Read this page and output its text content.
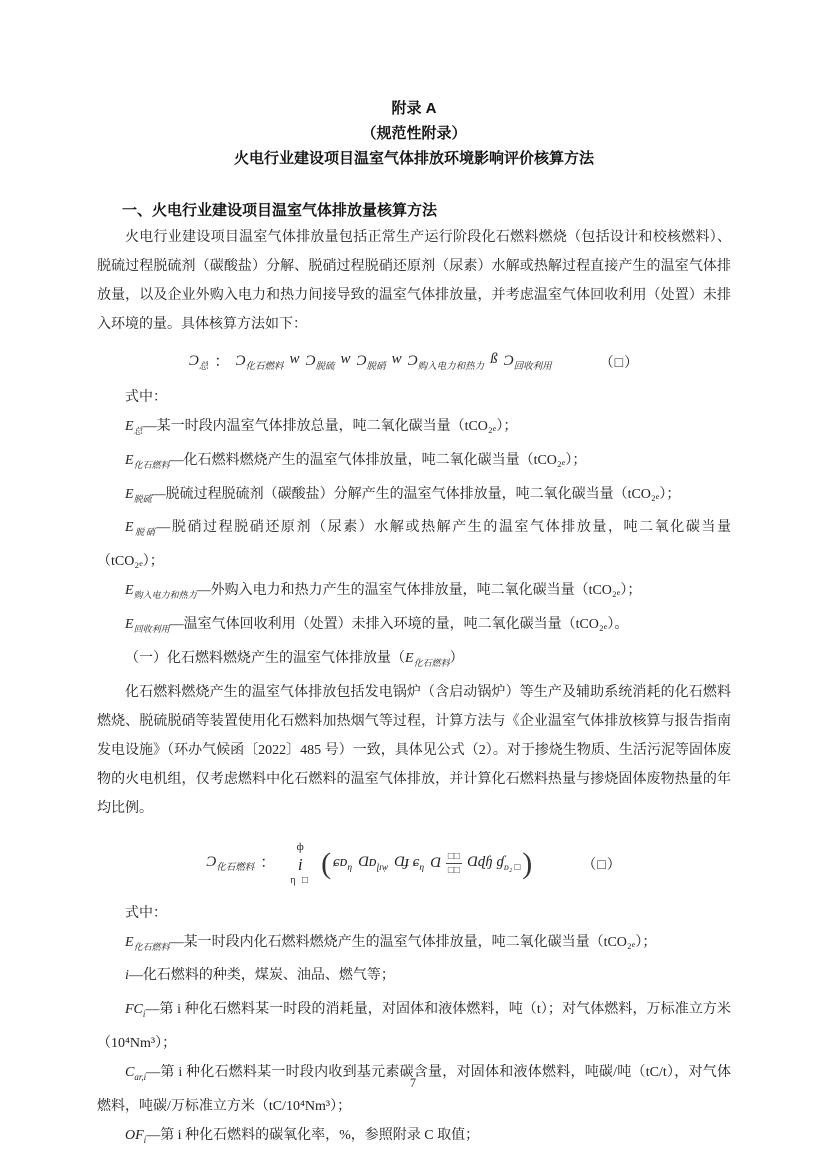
附录 A

（规范性附录）

火电行业建设项目温室气体排放环境影响评价核算方法

一、火电行业建设项目温室气体排放量核算方法

火电行业建设项目温室气体排放量包括正常生产运行阶段化石燃料燃烧（包括设计和校核燃料）、脱硫过程脱硫剂（碳酸盐）分解、脱硝过程脱硝还原剂（尿素）水解或热解过程直接产生的温室气体排放量，以及企业外购入电力和热力间接导致的温室气体排放量，并考虑温室气体回收利用（处置）未排入环境的量。具体核算方法如下：

$Ɔ_总$ ： $Ɔ_{化石燃料}$ w $Ɔ_{脱硫}$ w $Ɔ_{脱硝}$ w $Ɔ_{购入电力和热力}$ ß $Ɔ_{回收利用}$	（□）

式中：

$E_总—$某一时段内温室气体排放总量，吨二氧化碳当量（tCO₂ₑ）；

$E_{化石燃料}—$化石燃料燃烧产生的温室气体排放量，吨二氧化碳当量（tCO₂ₑ）；

$E_{脱硫}—$脱硫过程脱硫剂（碳酸盐）分解产生的温室气体排放量，吨二氧化碳当量（tCO₂ₑ）；

$E_{脱硝}—$脱硝过程脱硝还原剂（尿素）水解或热解产生的温室气体排放量，吨二氧化碳当量（tCO₂ₑ）；

$E_{购入电力和热力}—$外购入电力和热力产生的温室气体排放量，吨二氧化碳当量（tCO₂ₑ）；

$E_{回收利用}—$温室气体回收利用（处置）未排入环境的量，吨二氧化碳当量（tCO₂ₑ）。

（一）化石燃料燃烧产生的温室气体排放量$(E_{化石燃料})$

化石燃料燃烧产生的温室气体排放包括发电锅炉（含启动锅炉）等生产及辅助系统消耗的化石燃料燃烧、脱硫脱硝等装置使用化石燃料加热烟气等过程，计算方法与《企业温室气体排放核算与报告指南 发电设施》（环办气候函〔2022〕485 号）一致，具体见公式（2）。对于掺烧生物质、生活污泥等固体废物的火电机组，仅考虑燃料中化石燃料的温室气体排放，并计算化石燃料热量与掺烧固体废物热量的年均比例。

$Ɔ_{化石燃料}$ ：
ф
i
η □
( ɕᴅ$_\eta$ Ɑᴅ$_{ɭɪẉ}$ Ɑɟ ɕ$_\eta$ Ɑ $\frac{□□}{□□}$ Ɑɖɧ ɠ$_{ᴅ_2 □}$ )	（□）

式中：

$E_{化石燃料}—$某一时段内化石燃料燃烧产生的温室气体排放量，吨二氧化碳当量（tCO₂ₑ）；

i—化石燃料的种类，煤炭、油品、燃气等；

$FC_i—$第 i 种化石燃料某一时段的消耗量，对固体和液体燃料，吨（t）；对气体燃料，万标准立方米（10⁴Nm³）；

$C_{ar,i}—$第 i 种化石燃料某一时段内收到基元素碳含量，对固体和液体燃料，吨碳/吨（tC/t），对气体燃料，吨碳/万标准立方米（tC/10⁴Nm³）；

$OF_i—$第 i 种化石燃料的碳氧化率，%，参照附录 C 取值；

7
